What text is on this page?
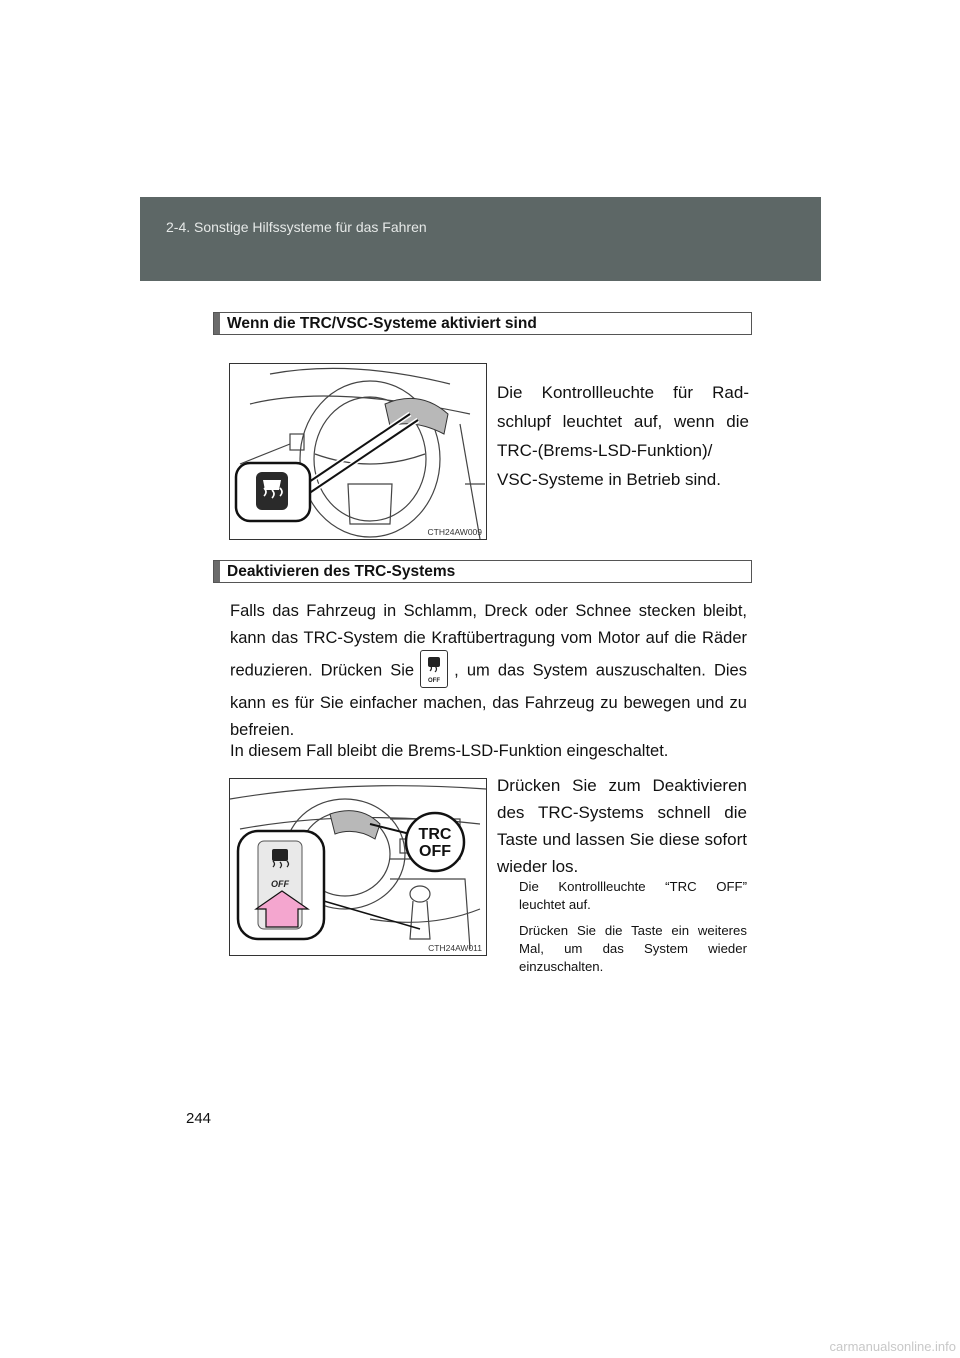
2-4. Sonstige Hilfssysteme für das Fahren
Wenn die TRC/VSC-Systeme aktiviert sind
CTH24AW009
Die Kontrollleuchte für Radschlupf leuchtet auf, wenn die TRC-(Brems-LSD-Funktion)/ VSC-Systeme in Betrieb sind.
Deaktivieren des TRC-Systems
Falls das Fahrzeug in Schlamm, Dreck oder Schnee stecken bleibt, kann das TRC-System die Kraftübertragung vom Motor auf die Räder reduzieren. Drücken Sie
OFF
, um das System auszuschalten. Dies kann es für Sie einfacher machen, das Fahrzeug zu bewegen und zu befreien.
In diesem Fall bleibt die Brems-LSD-Funktion eingeschaltet.
TRC
OFF
OFF
CTH24AW011
Drücken Sie zum Deaktivieren des TRC-Systems schnell die Taste und lassen Sie diese sofort wieder los.
Die Kontrollleuchte “TRC OFF” leuchtet auf.
Drücken Sie die Taste ein weiteres Mal, um das System wieder einzuschalten.
244
carmanualsonline.info
